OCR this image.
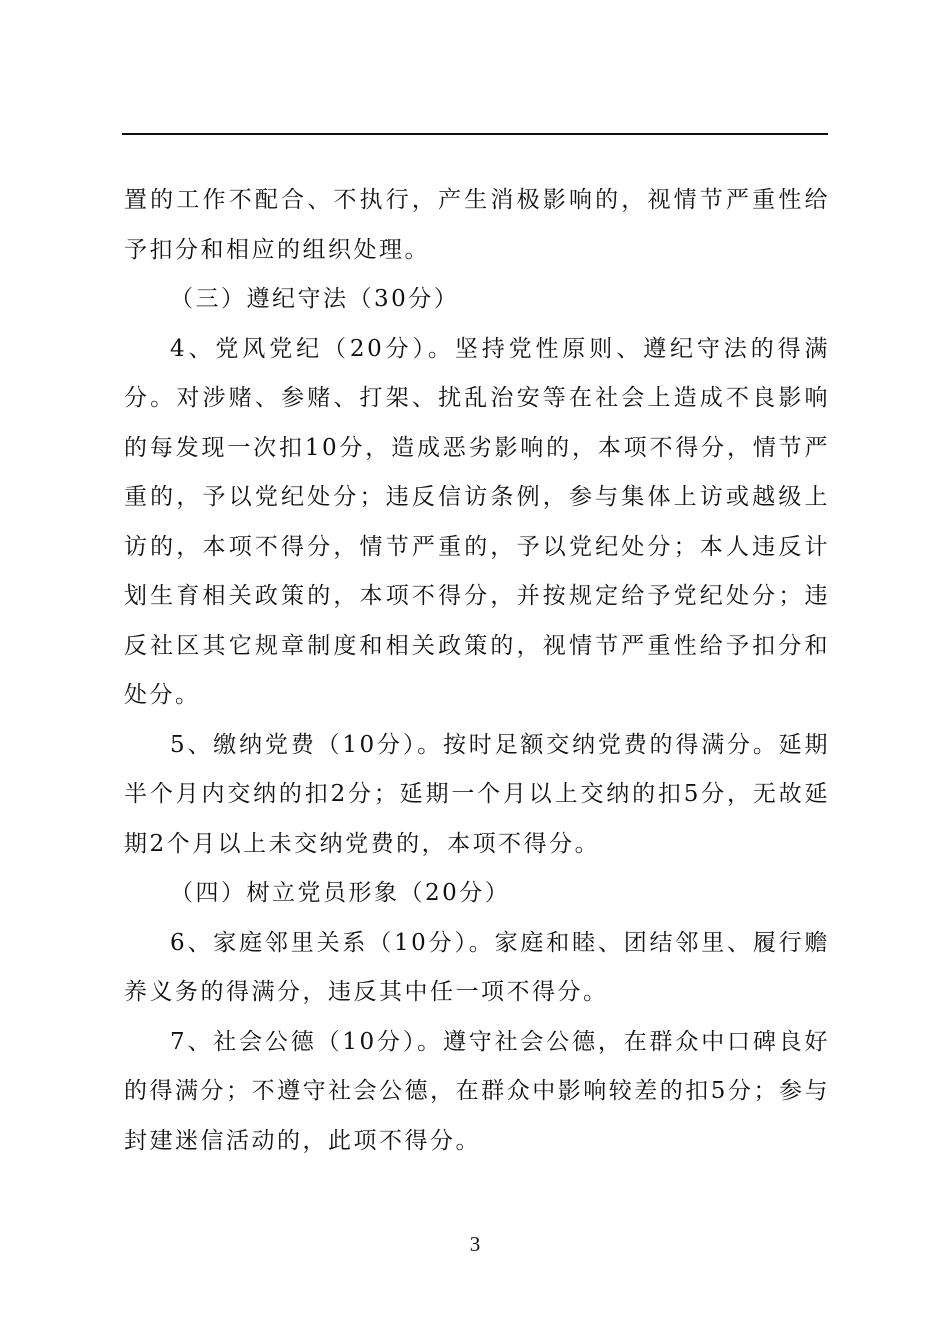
置的工作不配合、不执行，产生消极影响的，视情节严重性给予扣分和相应的组织处理。

（三）遵纪守法（30分）

4、党风党纪（20分）。坚持党性原则、遵纪守法的得满分。对涉赌、参赌、打架、扰乱治安等在社会上造成不良影响的每发现一次扣10分，造成恶劣影响的，本项不得分，情节严重的，予以党纪处分；违反信访条例，参与集体上访或越级上访的，本项不得分，情节严重的，予以党纪处分；本人违反计划生育相关政策的，本项不得分，并按规定给予党纪处分；违反社区其它规章制度和相关政策的，视情节严重性给予扣分和处分。

5、缴纳党费（10分）。按时足额交纳党费的得满分。延期半个月内交纳的扣2分；延期一个月以上交纳的扣5分，无故延期2个月以上未交纳党费的，本项不得分。

（四）树立党员形象（20分）

6、家庭邻里关系（10分）。家庭和睦、团结邻里、履行赡养义务的得满分，违反其中任一项不得分。

7、社会公德（10分）。遵守社会公德，在群众中口碑良好的得满分；不遵守社会公德，在群众中影响较差的扣5分；参与封建迷信活动的，此项不得分。

3
